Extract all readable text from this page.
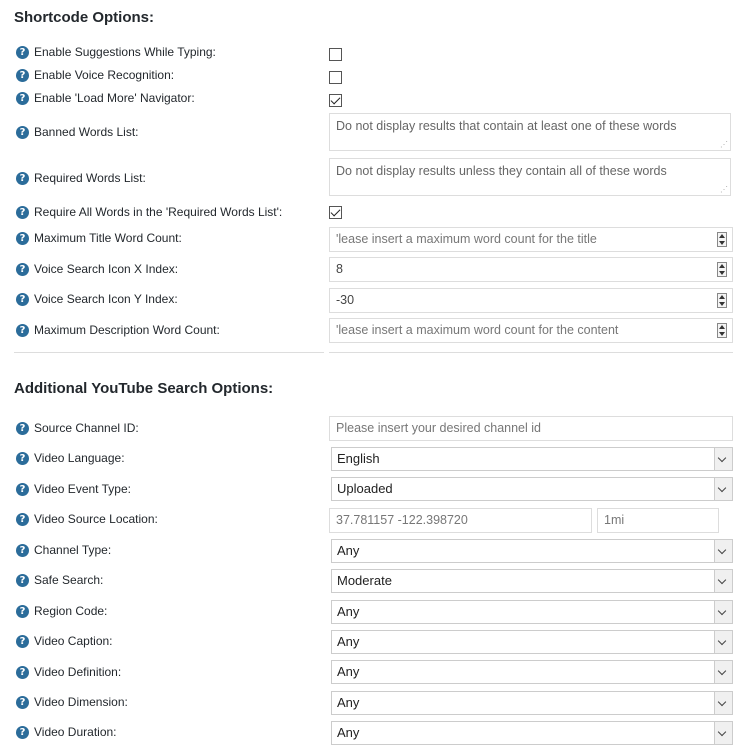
Shortcode Options:
? Enable Suggestions While Typing:
? Enable Voice Recognition:
? Enable 'Load More' Navigator:
? Banned Words List:	Do not display results that contain at least one of these words
⋰
? Required Words List:	Do not display results unless they contain all of these words
⋰
? Require All Words in the 'Required Words List':
? Maximum Title Word Count:	'lease insert a maximum word count for the title
? Voice Search Icon X Index:	8
? Voice Search Icon Y Index:	-30
? Maximum Description Word Count:	'lease insert a maximum word count for the content
Additional YouTube Search Options:
? Source Channel ID:	Please insert your desired channel id
? Video Language:	English
? Video Event Type:	Uploaded
? Video Source Location:	37.781157 -122.398720	1mi
? Channel Type:	Any
? Safe Search:	Moderate
? Region Code:	Any
? Video Caption:	Any
? Video Definition:	Any
? Video Dimension:	Any
? Video Duration:	Any
